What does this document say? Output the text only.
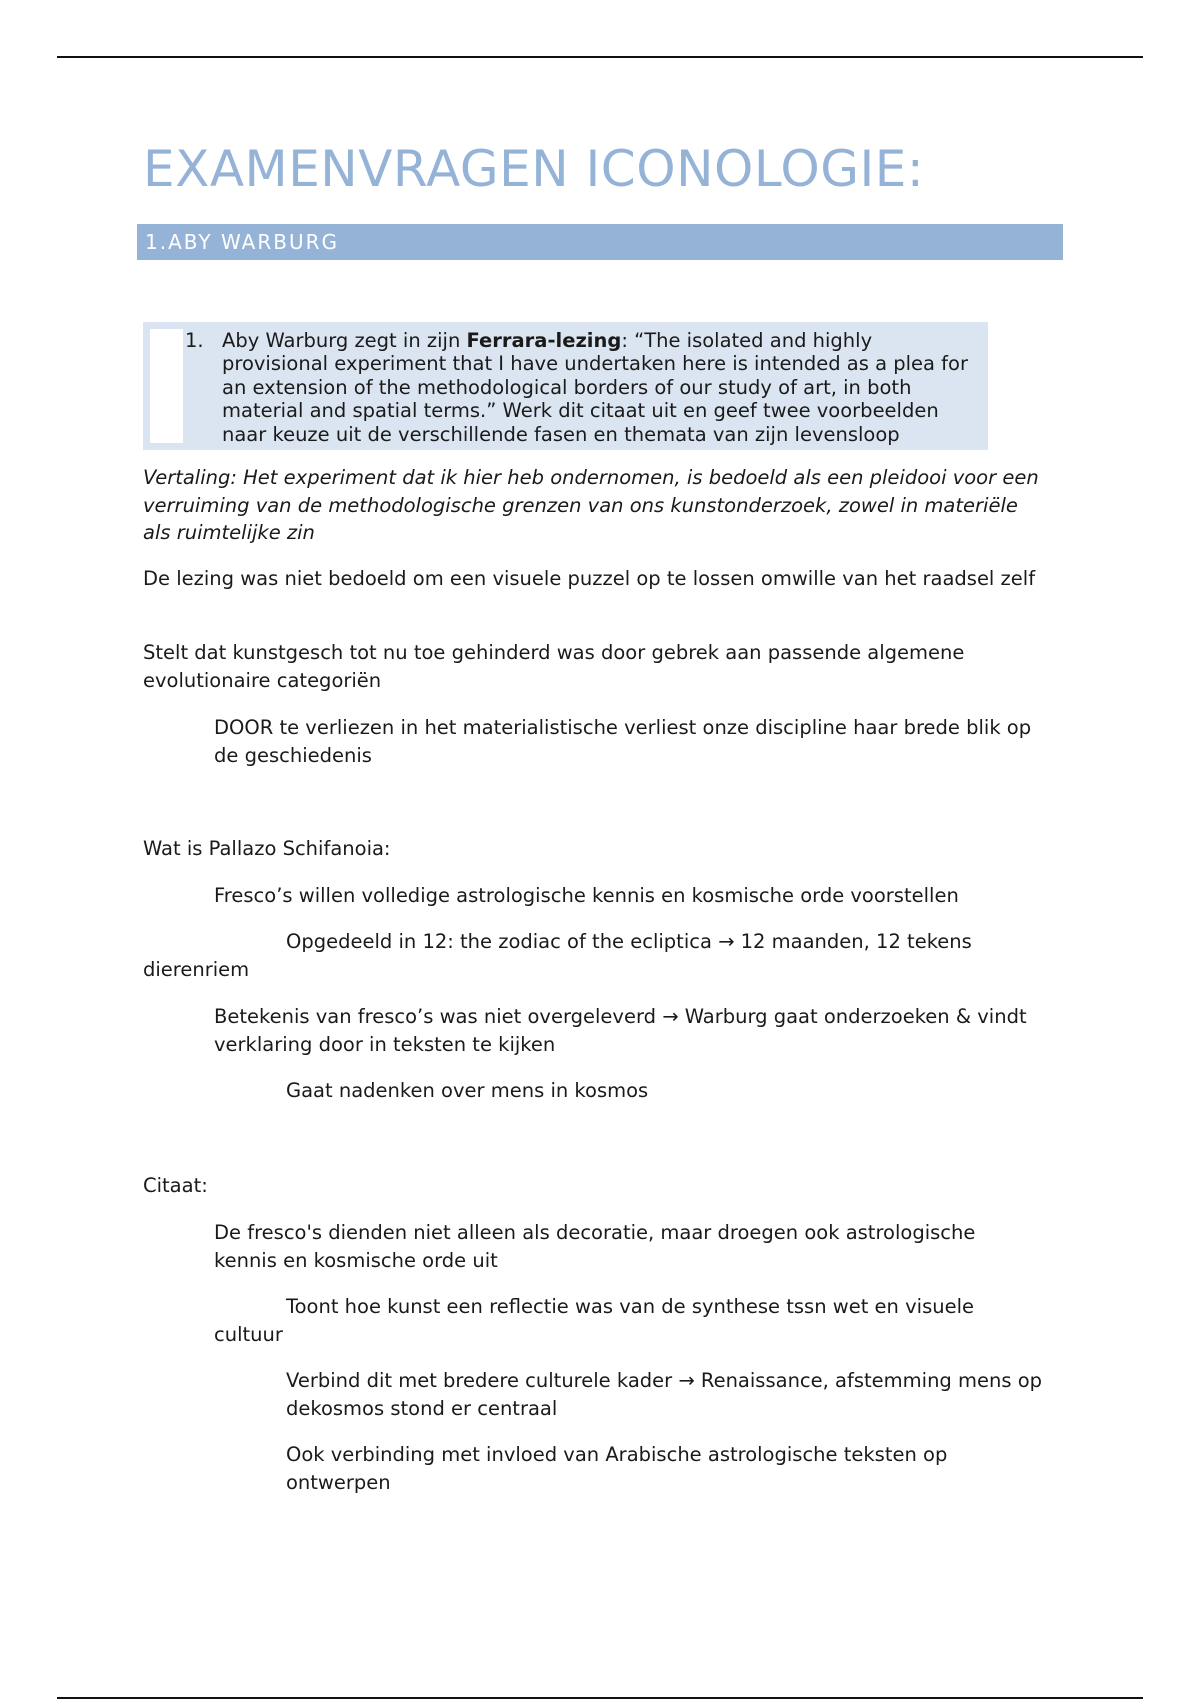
EXAMENVRAGEN ICONOLOGIE:
1.ABY WARBURG
1. Aby Warburg zegt in zijn Ferrara-lezing: “The isolated and highly provisional experiment that I have undertaken here is intended as a plea for an extension of the methodological borders of our study of art, in both material and spatial terms.” Werk dit citaat uit en geef twee voorbeelden naar keuze uit de verschillende fasen en themata van zijn levensloop

Vertaling: Het experiment dat ik hier heb ondernomen, is bedoeld als een pleidooi voor een verruiming van de methodologische grenzen van ons kunstonderzoek, zowel in materiële als ruimtelijke zin

De lezing was niet bedoeld om een visuele puzzel op te lossen omwille van het raadsel zelf

Stelt dat kunstgesch tot nu toe gehinderd was door gebrek aan passende algemene evolutionaire categoriën

DOOR te verliezen in het materialistische verliest onze discipline haar brede blik op de geschiedenis

Wat is Pallazo Schifanoia:

Fresco’s willen volledige astrologische kennis en kosmische orde voorstellen

Opgedeeld in 12: the zodiac of the ecliptica → 12 maanden, 12 tekens

dierenriem

Betekenis van fresco’s was niet overgeleverd → Warburg gaat onderzoeken & vindt verklaring door in teksten te kijken

Gaat nadenken over mens in kosmos

Citaat:

De fresco's dienden niet alleen als decoratie, maar droegen ook astrologische kennis en kosmische orde uit

Toont hoe kunst een reflectie was van de synthese tssn wet en visuele

cultuur

Verbind dit met bredere culturele kader → Renaissance, afstemming mens op dekosmos stond er centraal

Ook verbinding met invloed van Arabische astrologische teksten op ontwerpen
